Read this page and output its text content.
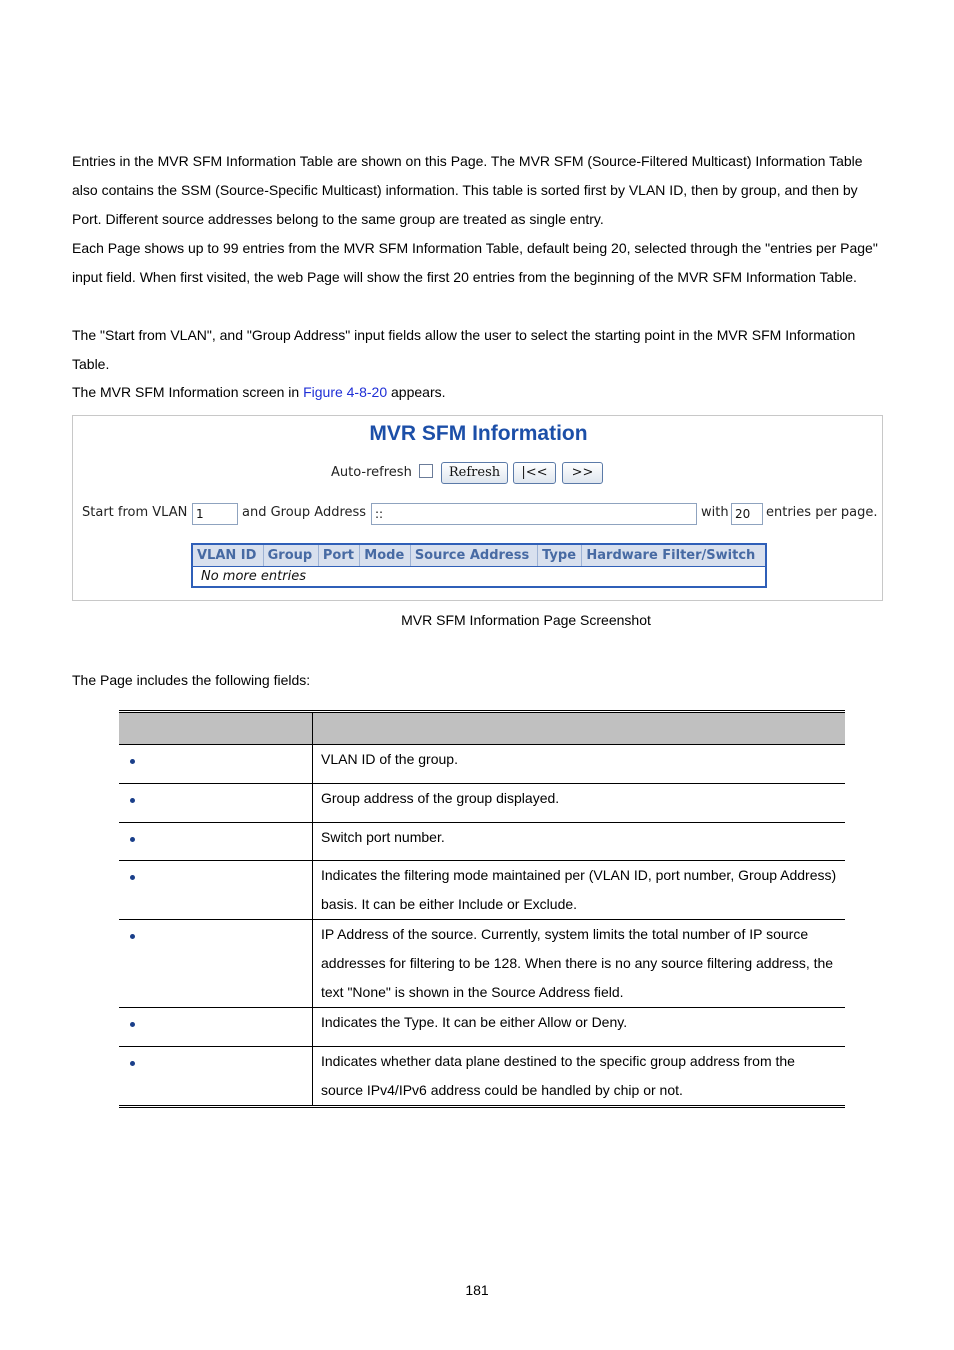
Entries in the MVR SFM Information Table are shown on this Page. The MVR SFM (Source-Filtered Multicast) Information Table also contains the SSM (Source-Specific Multicast) information. This table is sorted first by VLAN ID, then by group, and then by Port. Different source addresses belong to the same group are treated as single entry.

Each Page shows up to 99 entries from the MVR SFM Information Table, default being 20, selected through the "entries per Page" input field. When first visited, the web Page will show the first 20 entries from the beginning of the MVR SFM Information Table.

The "Start from VLAN", and "Group Address" input fields allow the user to select the starting point in the MVR SFM Information Table.

The MVR SFM Information screen in Figure 4-8-20 appears.

MVR SFM Information
Auto-refresh	Refresh	|<<	>>
Start from VLAN 1	and Group Address ::	with 20	entries per page.
VLAN ID	Group	Port	Mode	Source Address	Type	Hardware Filter/Switch
No more entries
MVR SFM Information Page Screenshot

The Page includes the following fields:

	VLAN ID of the group.
	Group address of the group displayed.
	Switch port number.
	Indicates the filtering mode maintained per (VLAN ID, port number, Group Address) basis. It can be either Include or Exclude.
	IP Address of the source. Currently, system limits the total number of IP source addresses for filtering to be 128. When there is no any source filtering address, the text "None" is shown in the Source Address field.
	Indicates the Type. It can be either Allow or Deny.
	Indicates whether data plane destined to the specific group address from the source IPv4/IPv6 address could be handled by chip or not.
181
